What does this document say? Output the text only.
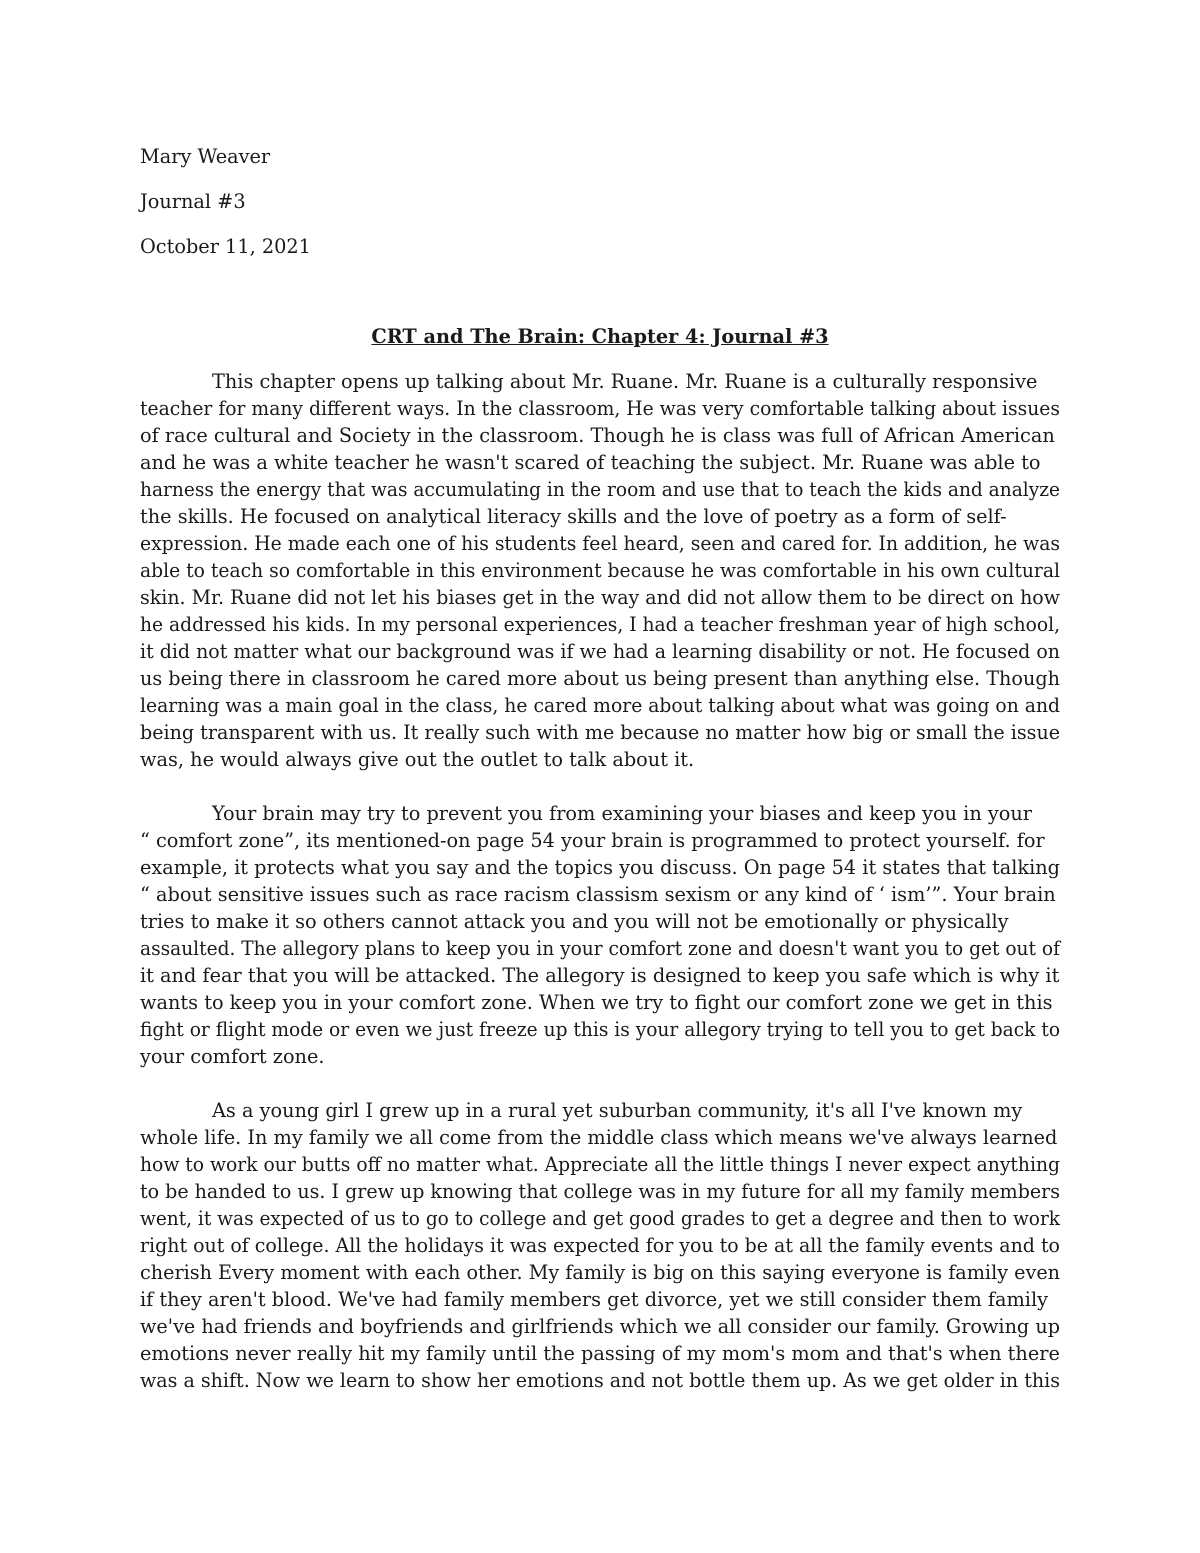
Mary Weaver
Journal #3
October 11, 2021
CRT and The Brain: Chapter 4: Journal #3
This chapter opens up talking about Mr. Ruane. Mr. Ruane is a culturally responsive
teacher for many different ways. In the classroom, He was very comfortable talking about issues
of race cultural and Society in the classroom. Though he is class was full of African American
and he was a white teacher he wasn't scared of teaching the subject. Mr. Ruane was able to
harness the energy that was accumulating in the room and use that to teach the kids and analyze
the skills. He focused on analytical literacy skills and the love of poetry as a form of self-
expression. He made each one of his students feel heard, seen and cared for. In addition, he was
able to teach so comfortable in this environment because he was comfortable in his own cultural
skin. Mr. Ruane did not let his biases get in the way and did not allow them to be direct on how
he addressed his kids. In my personal experiences, I had a teacher freshman year of high school,
it did not matter what our background was if we had a learning disability or not. He focused on
us being there in classroom he cared more about us being present than anything else. Though
learning was a main goal in the class, he cared more about talking about what was going on and
being transparent with us. It really such with me because no matter how big or small the issue
was, he would always give out the outlet to talk about it.
Your brain may try to prevent you from examining your biases and keep you in your
“ comfort zone”, its mentioned-on page 54 your brain is programmed to protect yourself. for
example, it protects what you say and the topics you discuss. On page 54 it states that talking
“ about sensitive issues such as race racism classism sexism or any kind of ‘ ism’”. Your brain
tries to make it so others cannot attack you and you will not be emotionally or physically
assaulted. The allegory plans to keep you in your comfort zone and doesn't want you to get out of
it and fear that you will be attacked. The allegory is designed to keep you safe which is why it
wants to keep you in your comfort zone. When we try to fight our comfort zone we get in this
fight or flight mode or even we just freeze up this is your allegory trying to tell you to get back to
your comfort zone.
As a young girl I grew up in a rural yet suburban community, it's all I've known my
whole life. In my family we all come from the middle class which means we've always learned
how to work our butts off no matter what. Appreciate all the little things I never expect anything
to be handed to us. I grew up knowing that college was in my future for all my family members
went, it was expected of us to go to college and get good grades to get a degree and then to work
right out of college. All the holidays it was expected for you to be at all the family events and to
cherish Every moment with each other. My family is big on this saying everyone is family even
if they aren't blood. We've had family members get divorce, yet we still consider them family
we've had friends and boyfriends and girlfriends which we all consider our family. Growing up
emotions never really hit my family until the passing of my mom's mom and that's when there
was a shift. Now we learn to show her emotions and not bottle them up. As we get older in this
